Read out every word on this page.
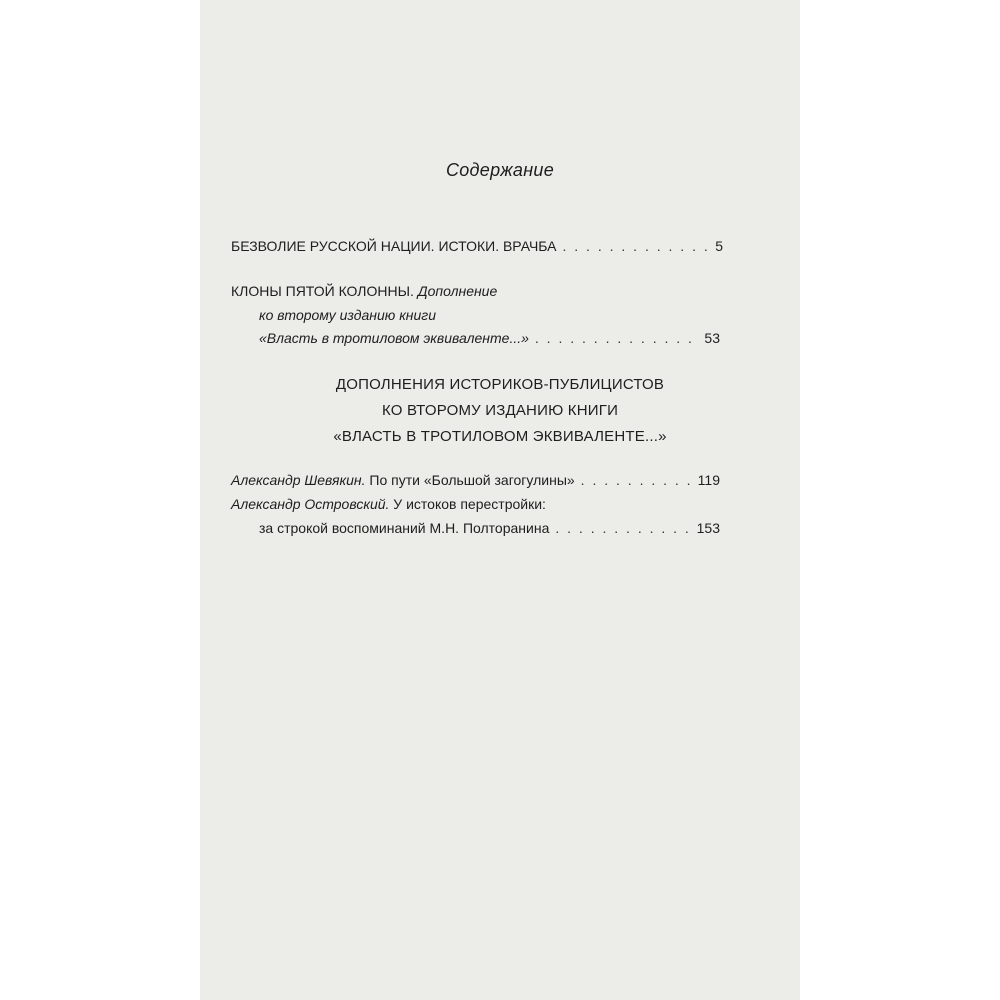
Содержание
БЕЗВОЛИЕ РУССКОЙ НАЦИИ. ИСТОКИ. ВРАЧБА . . .	5
КЛОНЫ ПЯТОЙ КОЛОННЫ. Дополнение
ко второму изданию книги
«Власть в тротиловом эквиваленте...» . . .	53
ДОПОЛНЕНИЯ ИСТОРИКОВ-ПУБЛИЦИСТОВ
КО ВТОРОМУ ИЗДАНИЮ КНИГИ
«ВЛАСТЬ В ТРОТИЛОВОМ ЭКВИВАЛЕНТЕ...»
Александр Шевякин. По пути «Большой загогулины» . . .	119
Александр Островский. У истоков перестройки:
за строкой воспоминаний М.Н. Полторанина . . .	153
